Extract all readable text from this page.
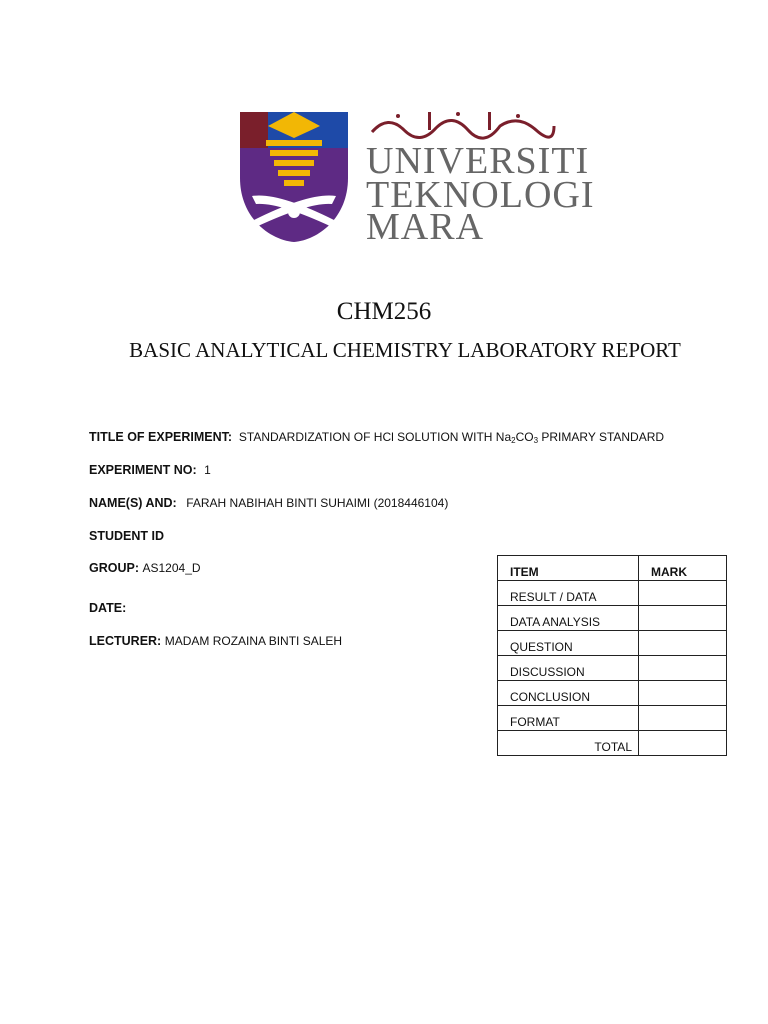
UNIVERSITI
TEKNOLOGI
MARA
CHM256
BASIC ANALYTICAL CHEMISTRY LABORATORY REPORT
TITLE OF EXPERIMENT: STANDARDIZATION OF HCl SOLUTION WITH $Na_2CO_3$ PRIMARY STANDARD
EXPERIMENT NO: 1
NAME(S) AND: FARAH NABIHAH BINTI SUHAIMI (2018446104)
STUDENT ID
GROUP: AS1204_D
DATE:
LECTURER: MADAM ROZAINA BINTI SALEH
ITEM	MARK
RESULT / DATA	
DATA ANALYSIS	
QUESTION	
DISCUSSION	
CONCLUSION	
FORMAT	
TOTAL	
